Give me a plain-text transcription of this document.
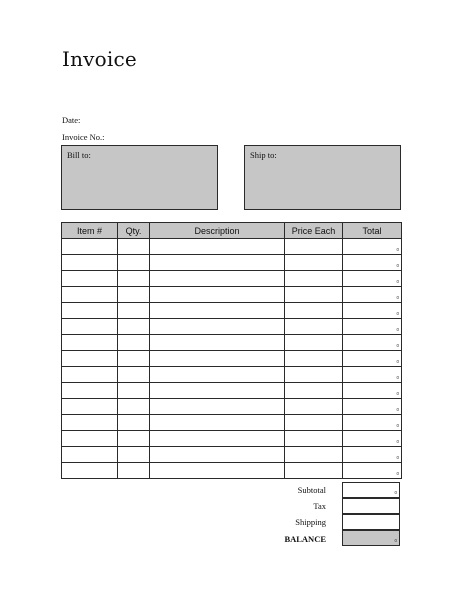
Invoice
Date:
Invoice No.:
Bill to:	Ship to:
Item #	Qty.	Description	Price Each	Total
				0
				0
				0
				0
				0
				0
				0
				0
				0
				0
				0
				0
				0
				0
				0
Subtotal	0
Tax
Shipping
BALANCE	0
